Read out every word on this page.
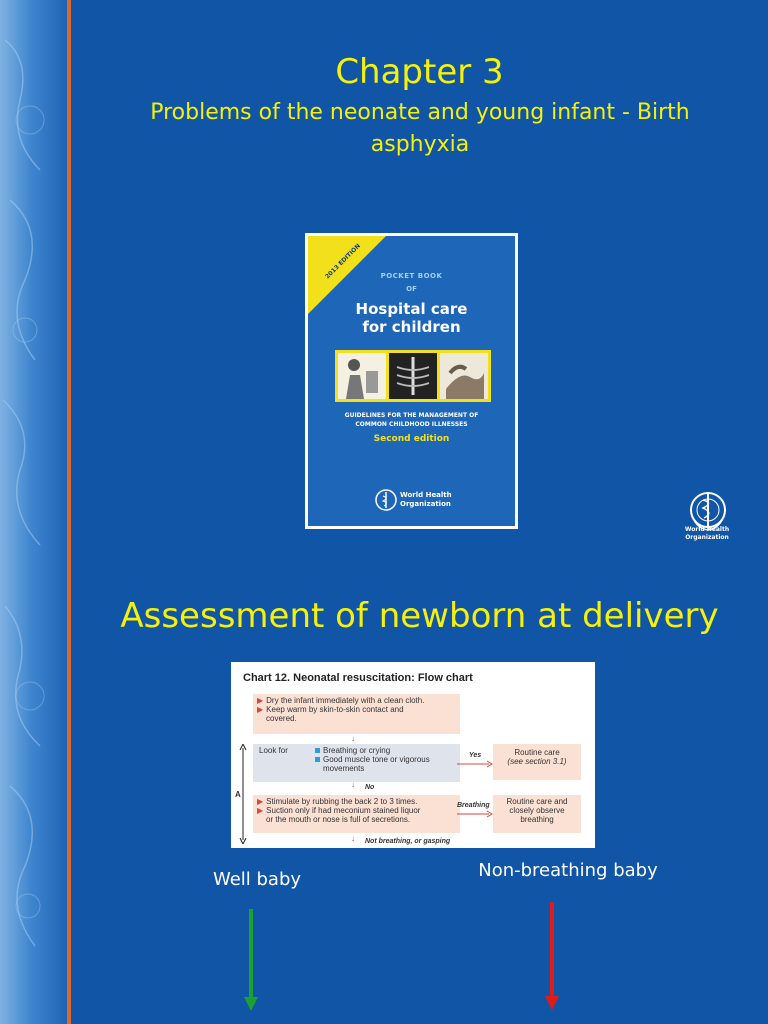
Chapter 3
Problems of the neonate and young infant - Birth asphyxia
2013 EDITION	POCKET BOOK
OF
Hospital care
for children
GUIDELINES FOR THE MANAGEMENT OF
COMMON CHILDHOOD ILLNESSES
Second edition
World Health
Organization
World Health
Organization
Assessment of newborn at delivery
Chart 12. Neonatal resuscitation: Flow chart
▶ Dry the infant immediately with a clean cloth.
▶ Keep warm by skin-to-skin contact and
covered.
↓
Look for	Breathing or crying
Good muscle tone or vigorous
movements
Yes	Routine care
(see section 3.1)
↓ No
A
▶ Stimulate by rubbing the back 2 to 3 times.
▶ Suction only if had meconium stained liquor
or the mouth or nose is full of secretions.
Breathing	Routine care and
closely observe
breathing
↓ Not breathing, or gasping
Well baby	Non-breathing baby
